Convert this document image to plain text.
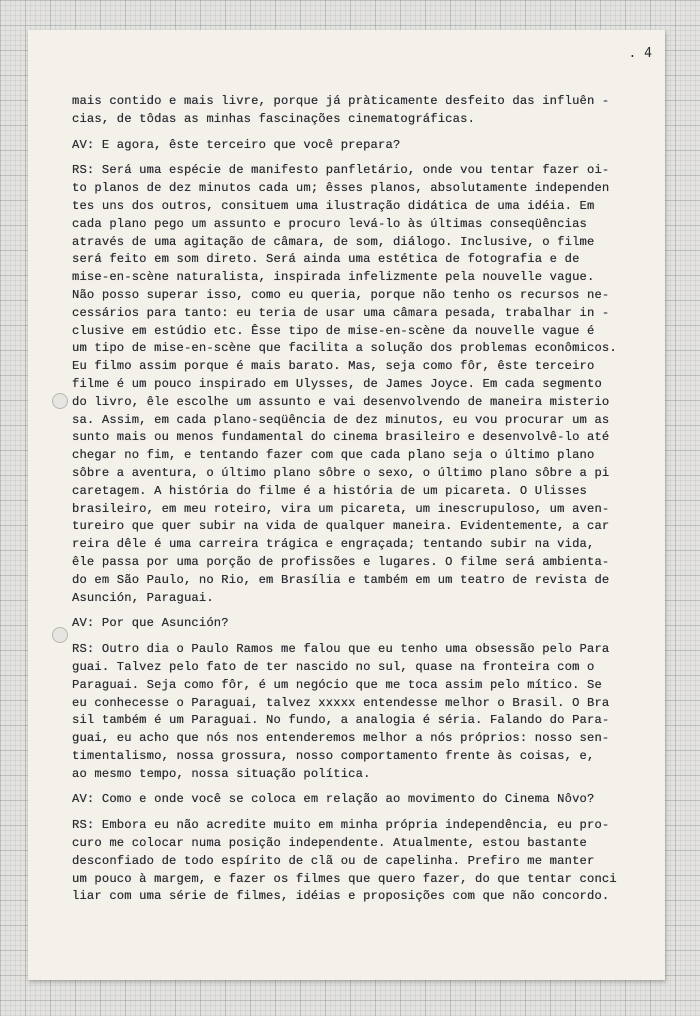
. 4
mais contido e mais livre, porque já pràticamente desfeito das influên -
cias, de tôdas as minhas fascinações cinematográficas.
AV: E agora, êste terceiro que você prepara?
RS: Será uma espécie de manifesto panfletário, onde vou tentar fazer oi-
to planos de dez minutos cada um; êsses planos, absolutamente independen
tes uns dos outros, consituem uma ilustração didática de uma idéia. Em
cada plano pego um assunto e procuro levá-lo às últimas conseqüências
através de uma agitação de câmara, de som, diálogo. Inclusive, o filme
será feito em som direto. Será ainda uma estética de fotografia e de
mise-en-scène naturalista, inspirada infelizmente pela nouvelle vague.
Não posso superar isso, como eu queria, porque não tenho os recursos ne-
cessários para tanto: eu teria de usar uma câmara pesada, trabalhar in -
clusive em estúdio etc. Êsse tipo de mise-en-scène da nouvelle vague é
um tipo de mise-en-scène que facilita a solução dos problemas econômicos.
Eu filmo assim porque é mais barato. Mas, seja como fôr, êste terceiro
filme é um pouco inspirado em Ulysses, de James Joyce. Em cada segmento
do livro, êle escolhe um assunto e vai desenvolvendo de maneira misterio
sa. Assim, em cada plano-seqüência de dez minutos, eu vou procurar um as
sunto mais ou menos fundamental do cinema brasileiro e desenvolvê-lo até
chegar no fim, e tentando fazer com que cada plano seja o último plano
sôbre a aventura, o último plano sôbre o sexo, o último plano sôbre a pi
caretagem. A história do filme é a história de um picareta. O Ulisses
brasileiro, em meu roteiro, vira um picareta, um inescrupuloso, um aven-
tureiro que quer subir na vida de qualquer maneira. Evidentemente, a car
reira dêle é uma carreira trágica e engraçada; tentando subir na vida,
êle passa por uma porção de profissões e lugares. O filme será ambienta-
do em São Paulo, no Rio, em Brasília e também em um teatro de revista de
Asunción, Paraguai.
AV: Por que Asunción?
RS: Outro dia o Paulo Ramos me falou que eu tenho uma obsessão pelo Para
guai. Talvez pelo fato de ter nascido no sul, quase na fronteira com o
Paraguai. Seja como fôr, é um negócio que me toca assim pelo mítico. Se
eu conhecesse o Paraguai, talvez xxxxx entendesse melhor o Brasil. O Bra
sil também é um Paraguai. No fundo, a analogia é séria. Falando do Para-
guai, eu acho que nós nos entenderemos melhor a nós próprios: nosso sen-
timentalismo, nossa grossura, nosso comportamento frente às coisas, e,
ao mesmo tempo, nossa situação política.
AV: Como e onde você se coloca em relação ao movimento do Cinema Nôvo?
RS: Embora eu não acredite muito em minha própria independência, eu pro-
curo me colocar numa posição independente. Atualmente, estou bastante
desconfiado de todo espírito de clã ou de capelinha. Prefiro me manter
um pouco à margem, e fazer os filmes que quero fazer, do que tentar conci
liar com uma série de filmes, idéias e proposições com que não concordo.
